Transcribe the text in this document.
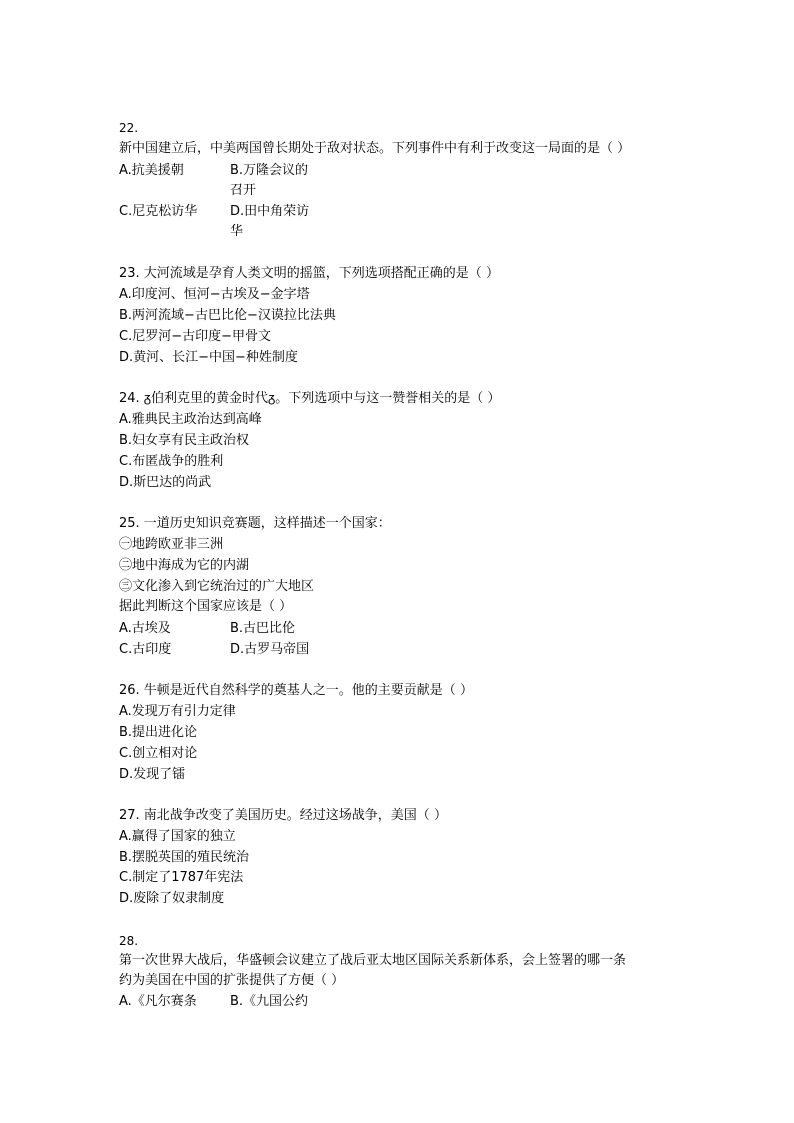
22.
新中国建立后，中美两国曾长期处于敌对状态。下列事件中有利于改变这一局面的是（ ）
A.抗美援朝	B.万隆会议的
召开
C.尼克松访华	D.田中角荣访
华
23. 大河流域是孕育人类文明的摇篮，下列选项搭配正确的是（ ）
A.印度河、恒河−古埃及−金字塔
B.两河流域−古巴比伦−汉谟拉比法典
C.尼罗河−古印度−甲骨文
D.黄河、长江−中国−种姓制度
24. ᵹ伯利克里的黄金时代ᵹ。下列选项中与这一赞誉相关的是（ ）
A.雅典民主政治达到高峰
B.妇女享有民主政治权
C.布匿战争的胜利
D.斯巴达的尚武
25. 一道历史知识竞赛题，这样描述一个国家：
㊀地跨欧亚非三洲
㊁地中海成为它的内湖
㊂文化渗入到它统治过的广大地区
据此判断这个国家应该是（ ）
A.古埃及	B.古巴比伦
C.古印度	D.古罗马帝国
26. 牛顿是近代自然科学的奠基人之一。他的主要贡献是（ ）
A.发现万有引力定律
B.提出进化论
C.创立相对论
D.发现了镭
27. 南北战争改变了美国历史。经过这场战争，美国（ ）
A.赢得了国家的独立
B.摆脱英国的殖民统治
C.制定了1787年宪法
D.废除了奴隶制度
28.
第一次世界大战后，华盛顿会议建立了战后亚太地区国际关系新体系，会上签署的哪一条
约为美国在中国的扩张提供了方便（ ）
A.《凡尔赛条	B.《九国公约
